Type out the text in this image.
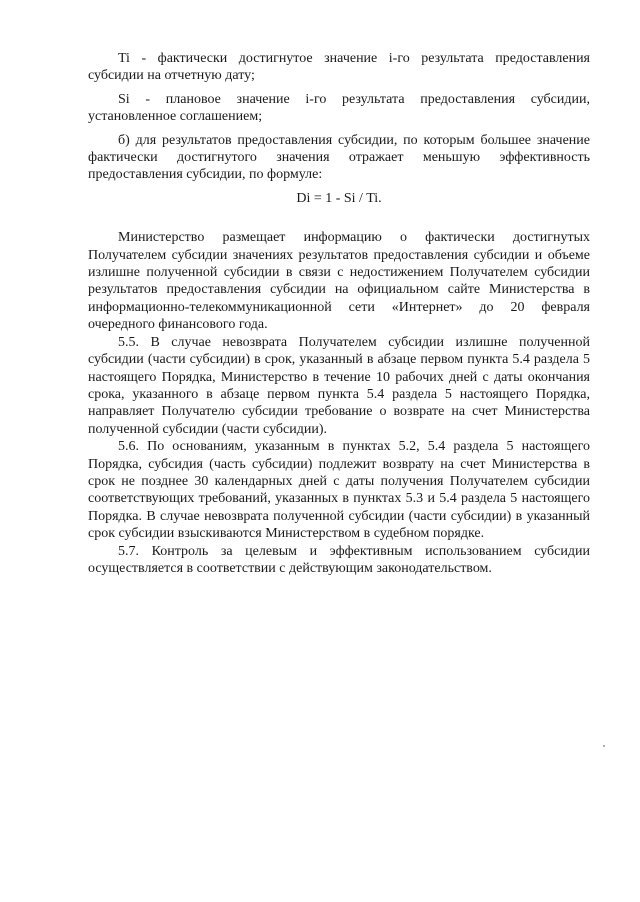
Ti - фактически достигнутое значение i-го результата предоставления субсидии на отчетную дату;

Si - плановое значение i-го результата предоставления субсидии, установленное соглашением;

б) для результатов предоставления субсидии, по которым большее значение фактически достигнутого значения отражает меньшую эффективность предоставления субсидии, по формуле:

Di = 1 - Si / Ti.

Министерство размещает информацию о фактически достигнутых Получателем субсидии значениях результатов предоставления субсидии и объеме излишне полученной субсидии в связи с недостижением Получателем субсидии результатов предоставления субсидии на официальном сайте Министерства в информационно-телекоммуникационной сети «Интернет» до 20 февраля очередного финансового года.

5.5. В случае невозврата Получателем субсидии излишне полученной субсидии (части субсидии) в срок, указанный в абзаце первом пункта 5.4 раздела 5 настоящего Порядка, Министерство в течение 10 рабочих дней с даты окончания срока, указанного в абзаце первом пункта 5.4 раздела 5 настоящего Порядка, направляет Получателю субсидии требование о возврате на счет Министерства полученной субсидии (части субсидии).

5.6. По основаниям, указанным в пунктах 5.2, 5.4 раздела 5 настоящего Порядка, субсидия (часть субсидии) подлежит возврату на счет Министерства в срок не позднее 30 календарных дней с даты получения Получателем субсидии соответствующих требований, указанных в пунктах 5.3 и 5.4 раздела 5 настоящего Порядка. В случае невозврата полученной субсидии (части субсидии) в указанный срок субсидии взыскиваются Министерством в судебном порядке.

5.7. Контроль за целевым и эффективным использованием субсидии осуществляется в соответствии с действующим законодательством.
